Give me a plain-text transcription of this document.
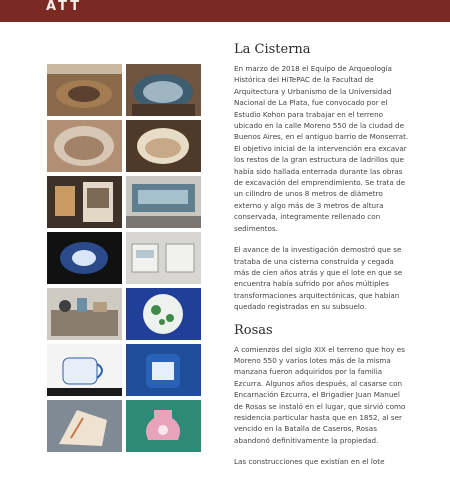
ATT
La Cisterna

En marzo de 2018 el Equipo de Arqueología Histórica del HiTePAC de la Facultad de Arquitectura y Urbanismo de la Universidad Nacional de La Plata, fue convocado por el Estudio Kohon para trabajar en el terreno ubicado en la calle Moreno 550 de la ciudad de Buenos Aires, en el antiguo barrio de Monserrat. El objetivo inicial de la intervención era excavar los restos de la gran estructura de ladrillos que había sido hallada enterrada durante las obras de excavación del emprendimiento. Se trata de un cilindro de unos 8 metros de diámetro externo y algo más de 3 metros de altura conservada, integramente rellenado con sedimentos.

El avance de la investigación demostró que se trataba de una cisterna construida y cegada más de cien años atrás y que el lote en que se encuentra había sufrido por años múltiples transformaciones arquitectónicas, que habían quedado registradas en su subsuelo.

Rosas

A comienzos del siglo XIX el terreno que hoy es Moreno 550 y varios lotes más de la misma manzana fueron adquiridos por la familia Ezcurra. Algunos años después, al casarse con Encarnación Ezcurra, el Brigadier Juan Manuel de Rosas se instaló en el lugar, que sirvió como residencia particular hasta que en 1852, al ser vencido en la Batalla de Caseros, Rosas abandonó definitivamente la propiedad.

Las construcciones que existían en el lote
